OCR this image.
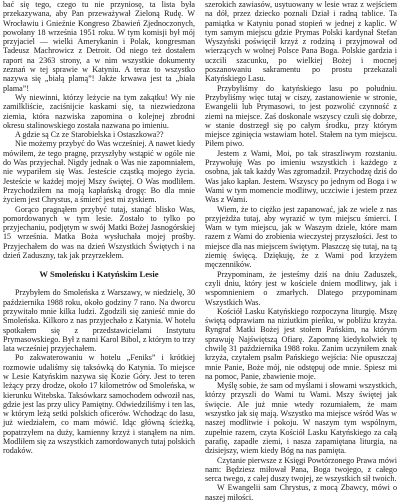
bać się tego, czego tu nie przyniosę, ta lista była przekazywana, aby Pan przeważywał Zieloną Rudę. W Wrocławiu i Gnieźnie Kongreso Zbawień Zjednoczonych, powołany 18 września 1951 roku. W tym komisji był mój przyjaciel — wielki Amerykanin i Polak, kongresman Tadeusz Machrowicz z Detroit. Od niego też dostałem raport na 2363 strony, a w nim wszystkie dokumenty zeznań w tej sprawie w Katyniu. A teraz to wszystko nazywa się „białą plamą”! Jakże krwawa jest ta „biała plama”!

Wy niewinni, którzy leżycie na tym zakątku! Wy nie zamilkliście, zaciśnijcie kaskami się, ta niezwiedzona ziemia, która nazwiska zapomina o kolejnej zbrodni okresu stalinowskiego została nazwana po imieniu.

A gdzie są Cz ze Starobielska i Ostaszkowa??

Nie możemy przybyć do Was wcześniej. A nawet kiedy mówiłem, że tego pragnę, przyszłyby wstąpić w ogóle nie do Was przyjechał. Nigdy jednak o Was nie zapomniałem, nie wypariłem się Was. Jesteście cząstką mojego życia. Jesteście w każdej mojej Mszy świętej. O Was modliłem. Przychodziłem na moją kapłańską drogę: Bo dla mnie życiem jest Chrystus, a śmierć jest mi zyskiem.

Gorąco pragnąłem przybyć tutaj, stanąć blisko Was, pomordowanych w tym lesie. Zostało to tylko po przyjechaniu, podjętym w swój Matki Bożej Jasnogórskiej 15 września. Matka Boża wysłuchała mojej prośby. Przyjechałem do was na dzień Wszystkich Świętych i na dzień Zaduszny, tak jak przyrzekłem.

W Smoleńsku i Katyńskim Lesie

Przybyłem do Smoleńska z Warszawy, w niedzielę, 30 października 1988 roku, około godziny 7 rano. Na dworcu przywitało mnie kilka ludzi. Zgodzili się zanieść mnie do Smoleńska. Kilkoro z nas przyjechało z Katynia. W hotelu spotkałem się z przedstawicielami Instytutu Prymasowskiego. Był z nami Karol Bibol, z którym to trzy lata wcześniej przyjechałem.

Po zakwaterowaniu w hotelu „Feniks” i krótkiej rozmowie udaliśmy się taksówką do Katynia. To miejsce w Lesie Katyńskim nazywa się Kozie Góry. Jest to teren leżący przy drodze, około 17 kilometrów od Smoleńska, w kierunku Witebska. Taksówkarz samochodem odwoził nas, gdzie jest las przy ulicy Pamiętny. Odwiedziliśmy i ten las, w którym leżą setki polskich oficerów. Wchodząc do lasu, już wiedziałem, co mam mówić. Idąc główną ścieżką, popatrzyłem na duży, kamienny krzyż i stanąłem na nim. Modliłem się za wszystkich zamordowanych tutaj polskich rodaków.

szerokich zawiasów, usytuowany w lesie wraz z wejściem na dół, przez dziecko poznali Dział i radną tablice. Ta pamiątka w Katyniu ponad stopień w jednej z kaplic. W tym samym miejscu gdzie Prymas Polski kardynał Stefan Wyszyński poświęcił krzyż z rodziną i przyjmował od wierzących w wolnej Polsce Pana Boga. Polskie gardzia i uczcili szacunku, po wielkiej Bożej i mocnej poszanowaniu sakramentu po prostu przekazali Katyńskiego Lasu.

Przybyliśmy do katyńskiego lasu po południu. Przybyliśmy więc tutaj w ciszy, zastanowienie w stronie, Ewangelii lub Prymasowi, to jest pozwolić czynność z ziemi na miejsce. Zaś doskonale wszyscy czuli się dobrze, w stanie dostrzegł się po całym środku, przy którym miejsce zginięcia wstawiam hotel. Stałem na tym miejscu. Piłem piwo.

Jestem z Wami, Moi, po tak straszliwym rozstaniu. Przywołuję Was po imieniu wszystkich i każdego z osobna, jak tak każdy Was zgromadził. Przychodzę dziś do Was jako kapłan. Jestem. Wszyscy po jednym od Boga i w Wami w tym momencie modlitwy, uczciwie i jestem przez Was z Wami.

Wiem, że to ciężko jest zapanować, jak ze wiele z nas przyjeżdża tutaj, aby wyrazić w tym miejscu śmierci. I Wam w tym miejscu, jak w Waszym dziele, które mam razem z Wami do zrobienia wieczystej przyszłości. Jest to miejsce dla nas miejscem świętym. Płaszczę się tutaj, na tą ziemię święcą. Dziękuję, że z Wami pod krzyżem męczenników.

Przypominam, że jesteśmy dziś na dniu Zaduszek, czyli dniu, który jest w kościele dniem modlitwy, jak i wspomnieniem o zmarłych. Dlatego przypominam Wszystkich Was.

Kościół Lasku Katyńskiego rozpoczyna liturgię. Mszę świętą odprawiam na niziutkim pieńku, w pobliżu krzyża. Ryngraf Matki Bożej jest stołem Pańskim, na którym sprawuję Najświętszą Ofiarę. Zapomnę kiedykolwiek tę chwilę 31 października 1988 roku. Zanim uczyniłem znak krzyża, czytałem psalm Pańskiego wejścia: Nie opuszczaj mnie Panie, Boże mój, nie odstępuj ode mnie. Spiesz mi na pomoc, Panie, zbawienie moje.

Myślę sobie, że sam od myślami i słowami wszystkich, którzy przyszli do Wami tu Wami. Mszy świętej jak święcie. Ale już mnie wtedy rozumiałem, że mam wszystko jak się mają. Wszystko ma miejsce wśród Was w naszej modlitwie i pokoju. W naszym tym wspólnym, zupełnie razem, czyta Kościół Lasku Katyńskiego za całą parafię, zapadłe ziemi, i nasza zapamiętana liturgia, na dzisiejszy, wiem kiedy Bóg na nas pamięta.

Czytanie pierwsze z Księgi Powtórzonego Prawa mówi nam: Będziesz miłował Pana, Boga twojego, z całego serca twego, z całej duszy twojej, ze wszystkich sił twoich.

W Ewangelii sam Chrystus, z mocą Zbawcy, mówi o naszej miłości.
